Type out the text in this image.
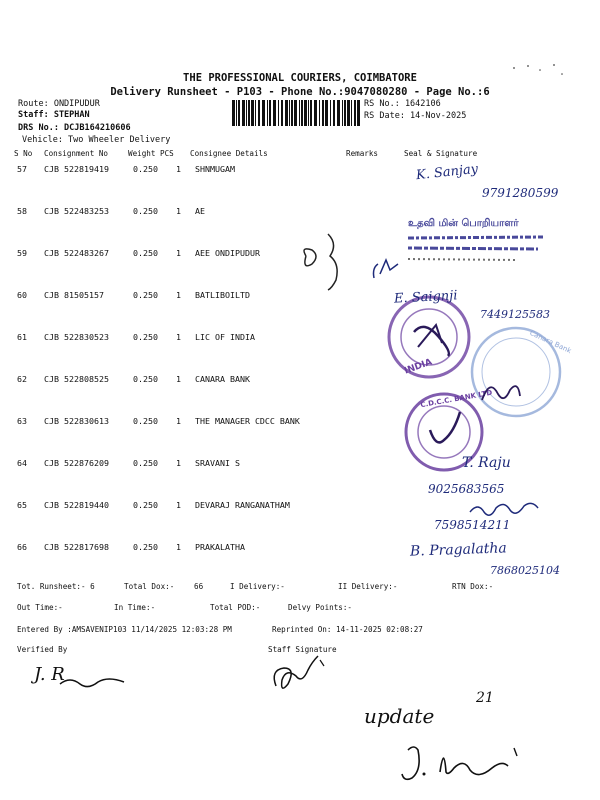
THE PROFESSIONAL COURIERS, COIMBATORE
Delivery Runsheet - P103 - Phone No.:9047080280 - Page No.:6
Route: ONDIPUDUR
Staff: STEPHAN
DRS No.: DCJB164210606
Vehicle: Two Wheeler Delivery
RS No.: 1642106
RS Date: 14-Nov-2025
S No Consignment No	Weight PCS Consignee Details	Remarks	Seal & Signature
57 CJB 522819419	0.250 1 SHNMUGAM
58 CJB 522483253	0.250 1 AE
59 CJB 522483267	0.250 1 AEE ONDIPUDUR
60 CJB 81505157	0.250 1 BATLIBOILTD
61 CJB 522830523	0.250 1 LIC OF INDIA
62 CJB 522808525	0.250 1 CANARA BANK
63 CJB 522830613	0.250 1 THE MANAGER CDCC BANK
64 CJB 522876209	0.250 1 SRAVANI S
65 CJB 522819440	0.250 1 DEVARAJ RANGANATHAM
66 CJB 522817698	0.250 1 PRAKALATHA
உதவி மின் பொறியாளர்
INDIA
Canara Bank
C.D.C.C. BANK LTD
K. Sanjay
9791280599
E. Saignji
7449125583
T. Raju
9025683565
7598514211
B. Pragalatha
7868025104
Tot. Runsheet:- 6	Total Dox:-	66	I Delivery:-	II Delivery:-	RTN Dox:-
Out Time:-	In Time:-	Total POD:-	Delvy Points:-
Entered By :AMSAVENIP103 11/14/2025 12:03:28 PM	Reprinted On: 14-11-2025 02:08:27
Verified By	Staff Signature
J. R
update
21
